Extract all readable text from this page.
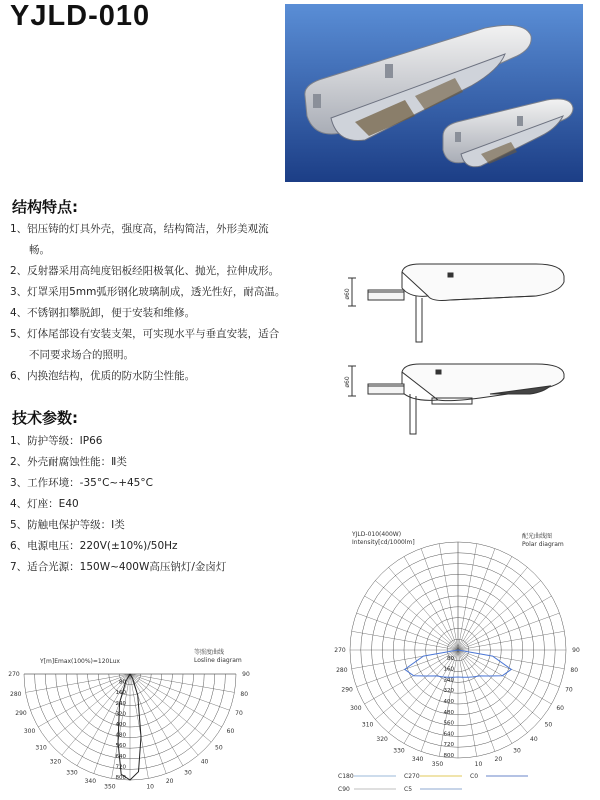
YJLD-010
结构特点:
1、铝压铸的灯具外壳，强度高，结构简洁，外形美观流
畅。
2、反射器采用高纯度铝板经阳极氧化、抛光，拉伸成形。
3、灯罩采用5mm弧形钢化玻璃制成，透光性好，耐高温。
4、不锈钢扣攀脱卸，便于安装和维修。
5、灯体尾部设有安装支架，可实现水平与垂直安装，适合
不同要求场合的照明。
6、内换泡结构，优质的防水防尘性能。
技术参数:
1、防护等级：IP66
2、外壳耐腐蚀性能：Ⅱ类
3、工作环境：-35°C~+45°C
4、灯座：E40
5、防触电保护等级：Ⅰ类
6、电源电压：220V(±10%)/50Hz
7、适合光源：150W~400W高压钠灯/金卤灯
ø60
ø60
等照度曲线
Losline diagram
Y[m]Emax(100%)=120Lux
270
280
290
300
310
320
330
340
350
90
80
70
60
50
40
30
20
10
80
160
240
320
400
480
560
640
720
800
YJLD-010(400W)
Intensity[cd/1000lm]
配光曲线图
Polar diagram
270
280
290
300
310
320
330
340
350
90
80
70
60
50
40
30
20
10
80
160
240
320
400
480
560
640
720
800
C180	C270	C0
C90	C5
